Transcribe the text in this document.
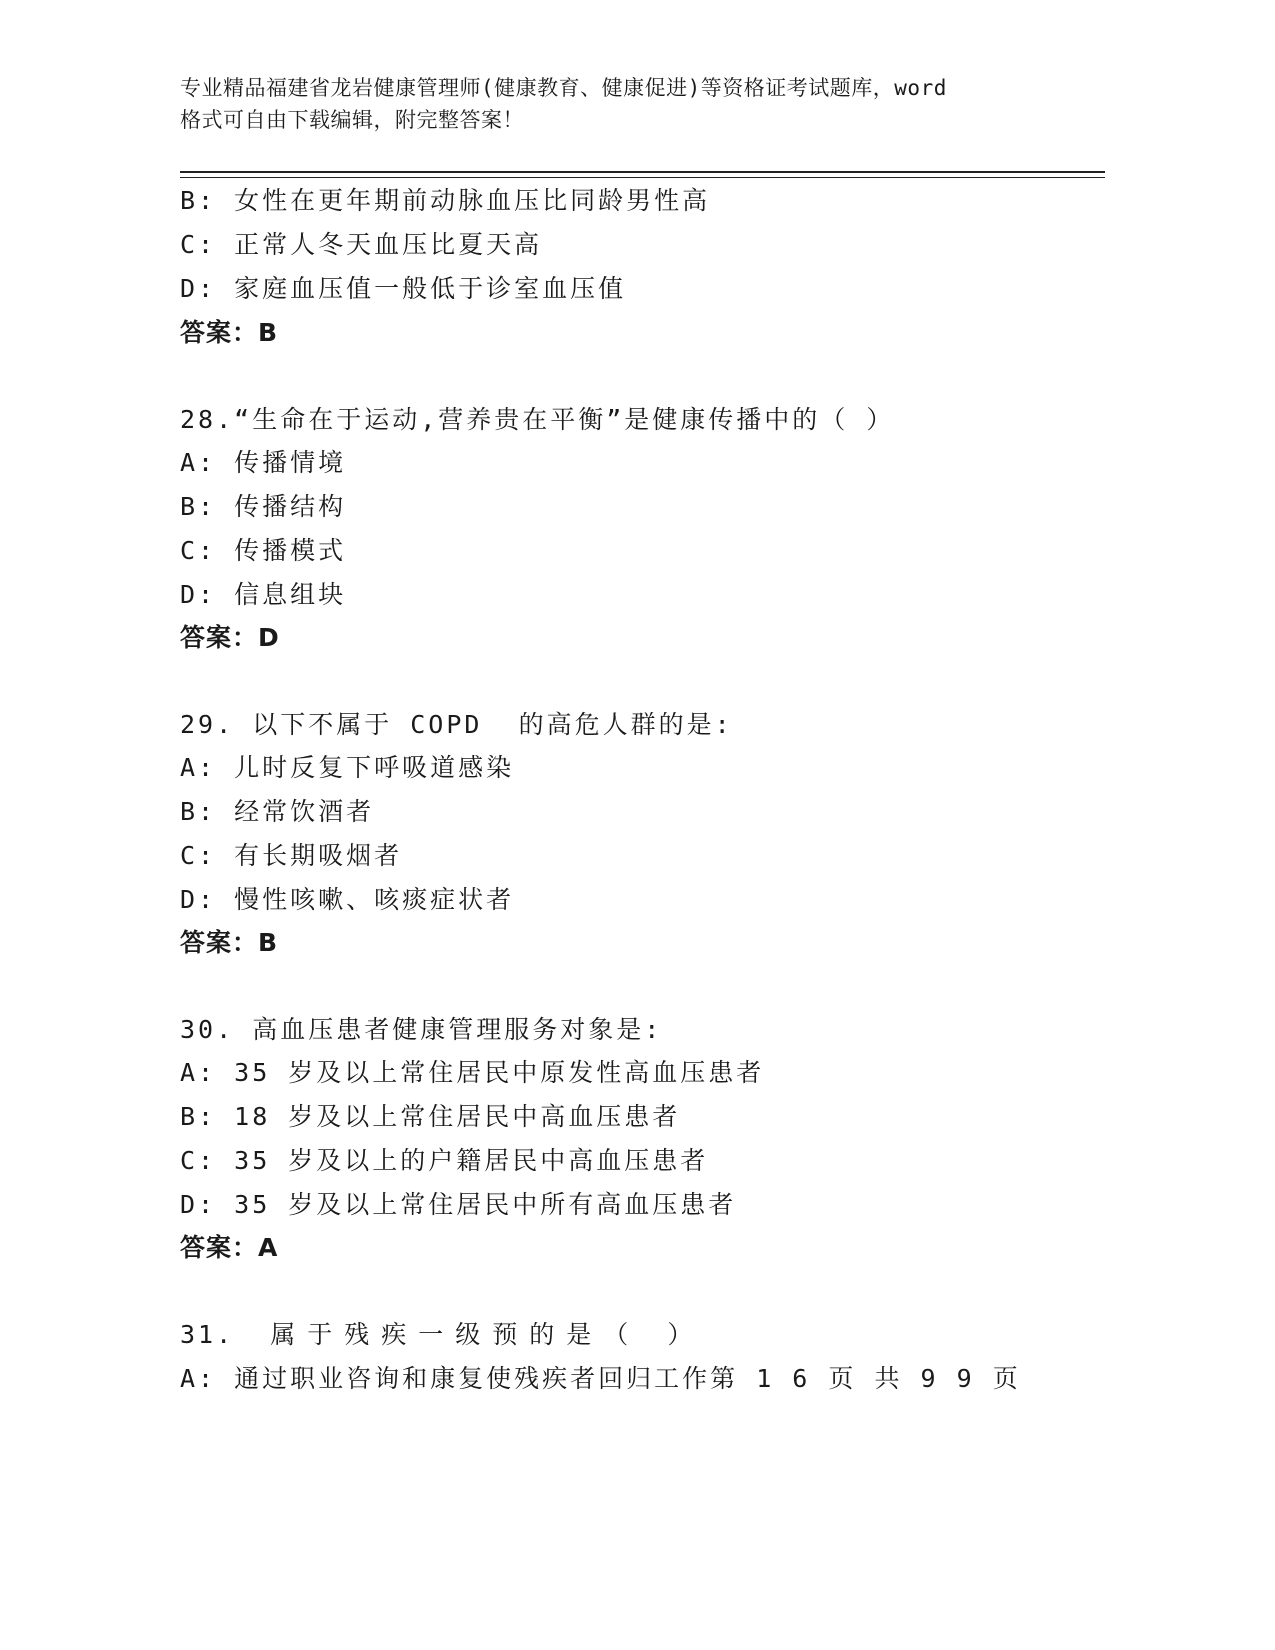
专业精品福建省龙岩健康管理师(健康教育、健康促进)等资格证考试题库，word
格式可自由下载编辑，附完整答案！
B: 女性在更年期前动脉血压比同龄男性高
C: 正常人冬天血压比夏天高
D: 家庭血压值一般低于诊室血压值
答案：B
28.“生命在于运动,营养贵在平衡”是健康传播中的（ ）
A: 传播情境
B: 传播结构
C: 传播模式
D: 信息组块
答案：D
29. 以下不属于 COPD  的高危人群的是:
A: 儿时反复下呼吸道感染
B: 经常饮酒者
C: 有长期吸烟者
D: 慢性咳嗽、咳痰症状者
答案：B
30. 高血压患者健康管理服务对象是:
A: 35 岁及以上常住居民中原发性高血压患者
B: 18 岁及以上常住居民中高血压患者
C: 35 岁及以上的户籍居民中高血压患者
D: 35 岁及以上常住居民中所有高血压患者
答案：A
31. 属于残疾一级预的是（ ）
A: 通过职业咨询和康复使残疾者回归工作第 1 6 页 共 9 9 页
